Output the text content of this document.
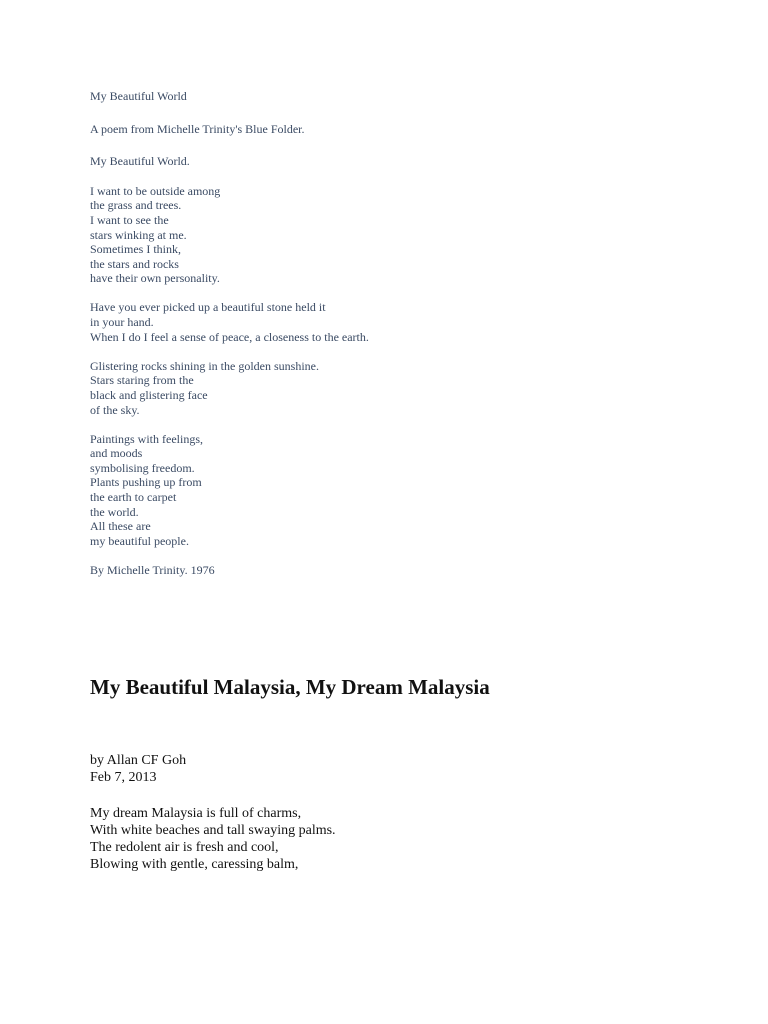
My Beautiful World
A poem from Michelle Trinity's Blue Folder.
My Beautiful World.
I want to be outside among
the grass and trees.
I want to see the
stars winking at me.
Sometimes I think,
the stars and rocks
have their own personality.
Have you ever picked up a beautiful stone held it
in your hand.
When I do I feel a sense of peace, a closeness to the earth.
Glistering rocks shining in the golden sunshine.
Stars staring from the
black and glistering face
of the sky.
Paintings with feelings,
and moods
symbolising freedom.
Plants pushing up from
the earth to carpet
the world.
All these are
my beautiful people.
By Michelle Trinity. 1976
My Beautiful Malaysia, My Dream Malaysia
by Allan CF Goh
Feb 7, 2013
My dream Malaysia is full of charms,
With white beaches and tall swaying palms.
The redolent air is fresh and cool,
Blowing with gentle, caressing balm,
